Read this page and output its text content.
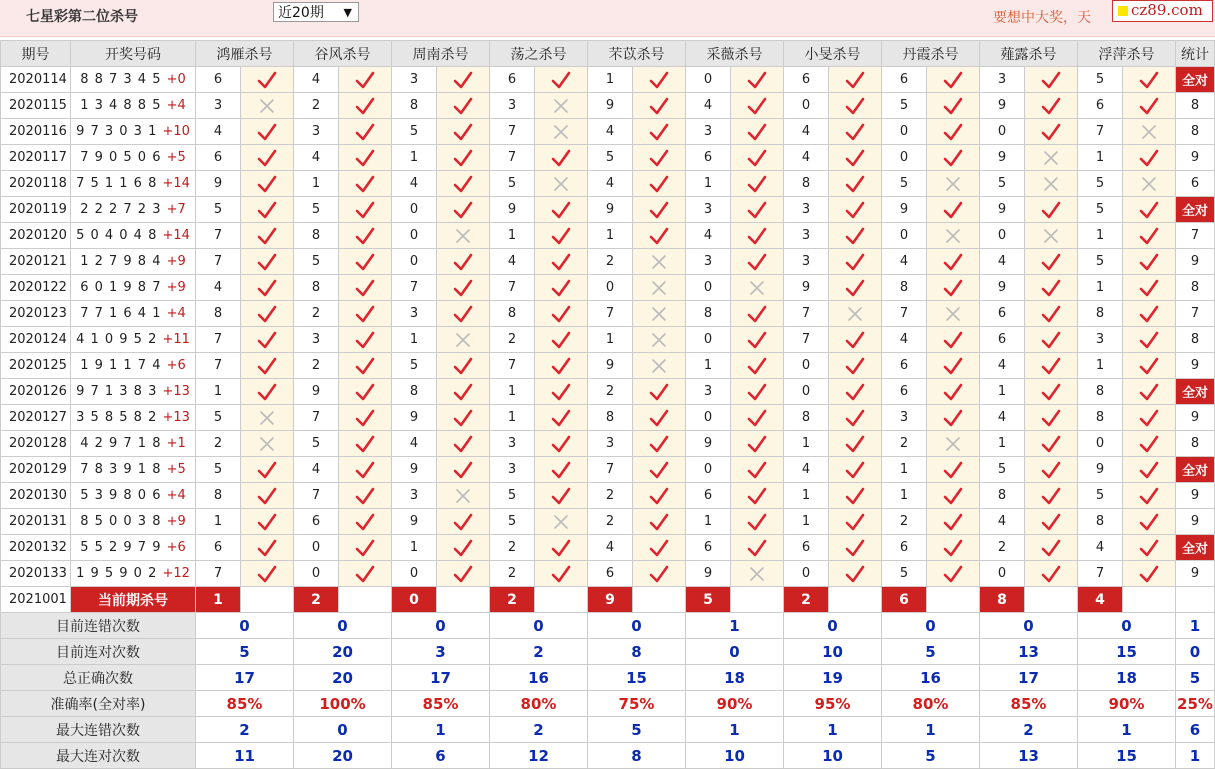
七星彩第二位杀号	近20期 ▼	要想中大奖，天	cz89.com
期号	开奖号码	鸿雁杀号		谷风杀号		周南杀号		荡之杀号		芣苡杀号		采薇杀号		小旻杀号		丹霞杀号		薤露杀号		浮萍杀号		统计
2020114	8 8 7 3 4 5 +0	6		4		3		6		1		0		6		6		3		5		全对
2020115	1 3 4 8 8 5 +4	3		2		8		3		9		4		0		5		9		6		8
2020116	9 7 3 0 3 1 +10	4		3		5		7		4		3		4		0		0		7		8
2020117	7 9 0 5 0 6 +5	6		4		1		7		5		6		4		0		9		1		9
2020118	7 5 1 1 6 8 +14	9		1		4		5		4		1		8		5		5		5		6
2020119	2 2 2 7 2 3 +7	5		5		0		9		9		3		3		9		9		5		全对
2020120	5 0 4 0 4 8 +14	7		8		0		1		1		4		3		0		0		1		7
2020121	1 2 7 9 8 4 +9	7		5		0		4		2		3		3		4		4		5		9
2020122	6 0 1 9 8 7 +9	4		8		7		7		0		0		9		8		9		1		8
2020123	7 7 1 6 4 1 +4	8		2		3		8		7		8		7		7		6		8		7
2020124	4 1 0 9 5 2 +11	7		3		1		2		1		0		7		4		6		3		8
2020125	1 9 1 1 7 4 +6	7		2		5		7		9		1		0		6		4		1		9
2020126	9 7 1 3 8 3 +13	1		9		8		1		2		3		0		6		1		8		全对
2020127	3 5 8 5 8 2 +13	5		7		9		1		8		0		8		3		4		8		9
2020128	4 2 9 7 1 8 +1	2		5		4		3		3		9		1		2		1		0		8
2020129	7 8 3 9 1 8 +5	5		4		9		3		7		0		4		1		5		9		全对
2020130	5 3 9 8 0 6 +4	8		7		3		5		2		6		1		1		8		5		9
2020131	8 5 0 0 3 8 +9	1		6		9		5		2		1		1		2		4		8		9
2020132	5 5 2 9 7 9 +6	6		0		1		2		4		6		6		6		2		4		全对
2020133	1 9 5 9 0 2 +12	7		0		0		2		6		9		0		5		0		7		9
2021001	当前期杀号	1		2		0		2		9		5		2		6		8		4		
目前连错次数		0		0		0		0		0		1		0		0		0		0		1
目前连对次数		5		20		3		2		8		0		10		5		13		15		0
总正确次数		17		20		17		16		15		18		19		16		17		18		5
准确率(全对率)		85%		100%		85%		80%		75%		90%		95%		80%		85%		90%		25%
最大连错次数		2		0		1		2		5		1		1		1		2		1		6
最大连对次数		11		20		6		12		8		10		10		5		13		15		1
